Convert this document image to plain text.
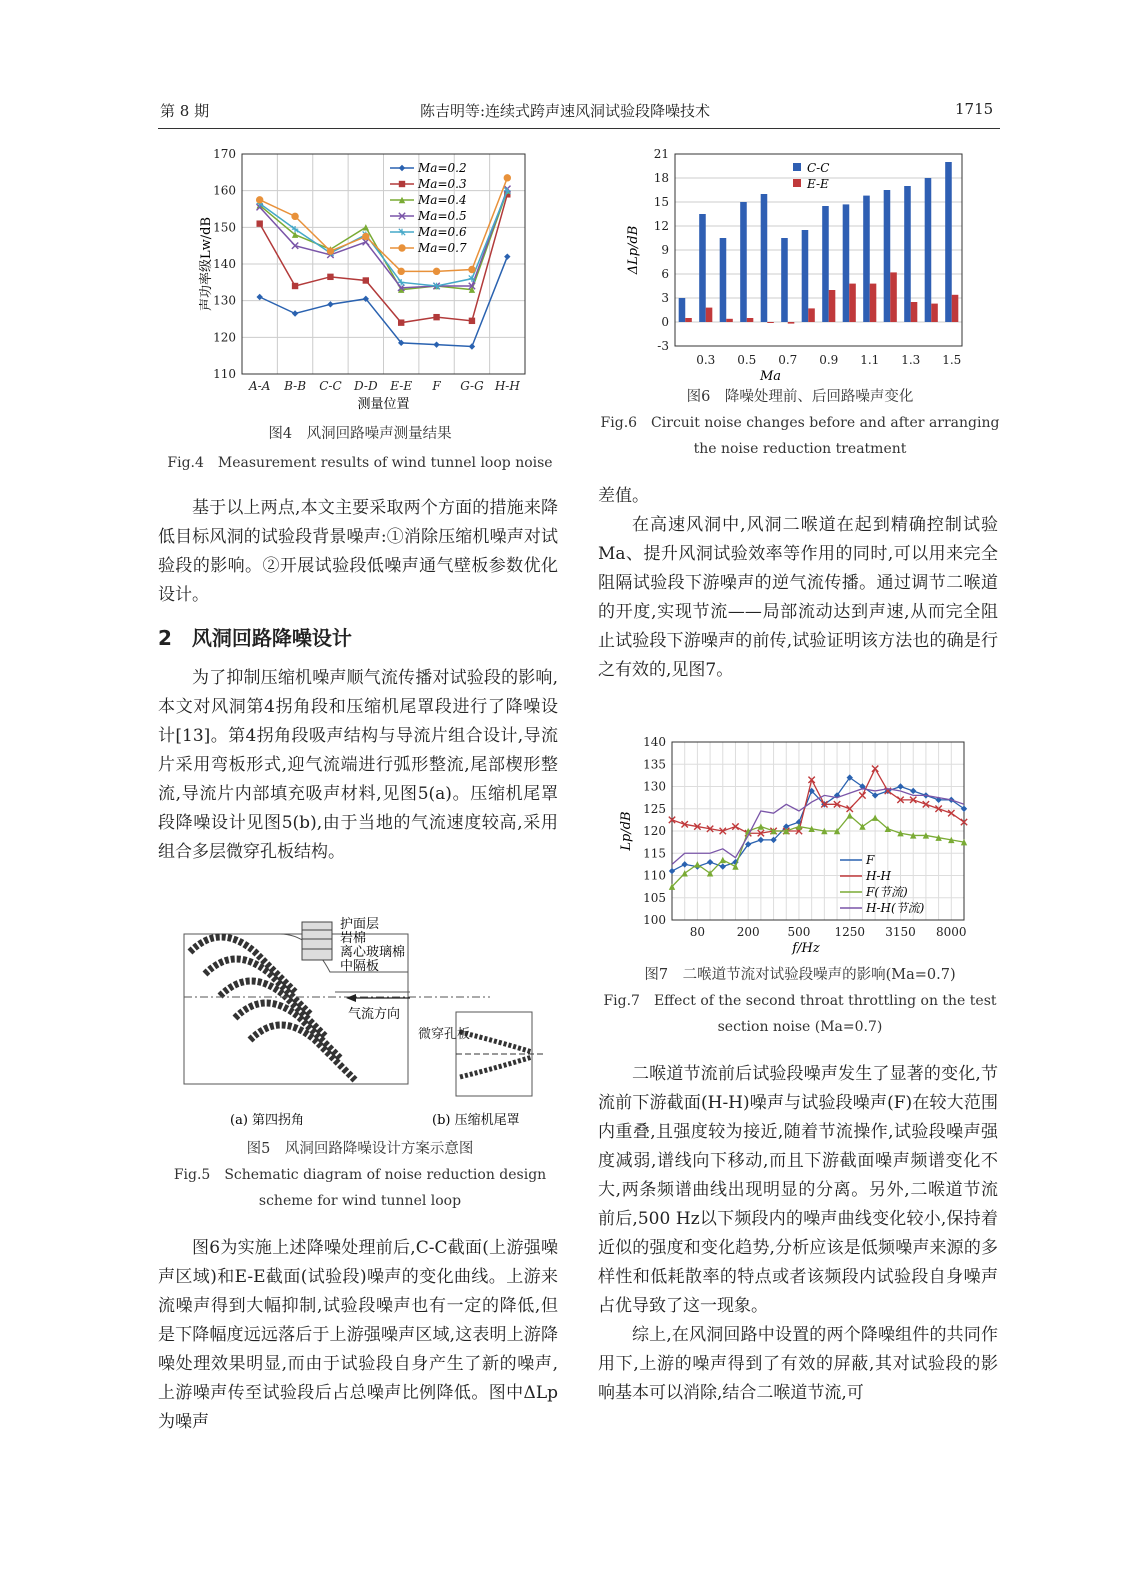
第 8 期	陈吉明等:连续式跨声速风洞试验段降噪技术	1715
110
120
130
140
150
160
170
A-A B-B C-C D-D E-E F G-G H-H
测量位置
声功率级Lw/dB
Ma=0.2
Ma=0.3
Ma=0.4
Ma=0.5
Ma=0.6
Ma=0.7
图4　风洞回路噪声测量结果
Fig.4　Measurement results of wind tunnel loop noise
-3
0
3
6
9
12
15
18
21
C-C
E-E
0.3 0.5 0.7 0.9 1.1 1.3 1.5
Ma
ΔLp/dB
图6　降噪处理前、后回路噪声变化
Fig.6　Circuit noise changes before and after arranging
the noise reduction treatment

基于以上两点,本文主要采取两个方面的措施来降低目标风洞的试验段背景噪声:①消除压缩机噪声对试验段的影响。②开展试验段低噪声通气壁板参数优化设计。

2　风洞回路降噪设计

为了抑制压缩机噪声顺气流传播对试验段的影响,本文对风洞第4拐角段和压缩机尾罩段进行了降噪设计[13]。第4拐角段吸声结构与导流片组合设计,导流片采用弯板形式,迎气流端进行弧形整流,尾部楔形整流,导流片内部填充吸声材料,见图5(a)。压缩机尾罩段降噪设计见图5(b),由于当地的气流速度较高,采用组合多层微穿孔板结构。

护面层
岩棉
离心玻璃棉
中隔板
气流方向
微穿孔板
(a) 第四拐角	(b) 压缩机尾罩
图5　风洞回路降噪设计方案示意图
Fig.5　Schematic diagram of noise reduction design
scheme for wind tunnel loop

图6为实施上述降噪处理前后,C-C截面(上游强噪声区域)和E-E截面(试验段)噪声的变化曲线。上游来流噪声得到大幅抑制,试验段噪声也有一定的降低,但是下降幅度远远落后于上游强噪声区域,这表明上游降噪处理效果明显,而由于试验段自身产生了新的噪声,上游噪声传至试验段后占总噪声比例降低。图中ΔLp为噪声

差值。

在高速风洞中,风洞二喉道在起到精确控制试验Ma、提升风洞试验效率等作用的同时,可以用来完全阻隔试验段下游噪声的逆气流传播。通过调节二喉道的开度,实现节流——局部流动达到声速,从而完全阻止试验段下游噪声的前传,试验证明该方法也的确是行之有效的,见图7。

100
105
110
115
120
125
130
135
140
80	200 500 1250 3150 8000
f/Hz
Lp/dB
F
H-H
F(节流)
H-H(节流)
图7　二喉道节流对试验段噪声的影响(Ma=0.7)
Fig.7　Effect of the second throat throttling on the test
section noise (Ma=0.7)

二喉道节流前后试验段噪声发生了显著的变化,节流前下游截面(H-H)噪声与试验段噪声(F)在较大范围内重叠,且强度较为接近,随着节流操作,试验段噪声强度减弱,谱线向下移动,而且下游截面噪声频谱变化不大,两条频谱曲线出现明显的分离。另外,二喉道节流前后,500 Hz以下频段内的噪声曲线变化较小,保持着近似的强度和变化趋势,分析应该是低频噪声来源的多样性和低耗散率的特点或者该频段内试验段自身噪声占优导致了这一现象。

综上,在风洞回路中设置的两个降噪组件的共同作用下,上游的噪声得到了有效的屏蔽,其对试验段的影响基本可以消除,结合二喉道节流,可
